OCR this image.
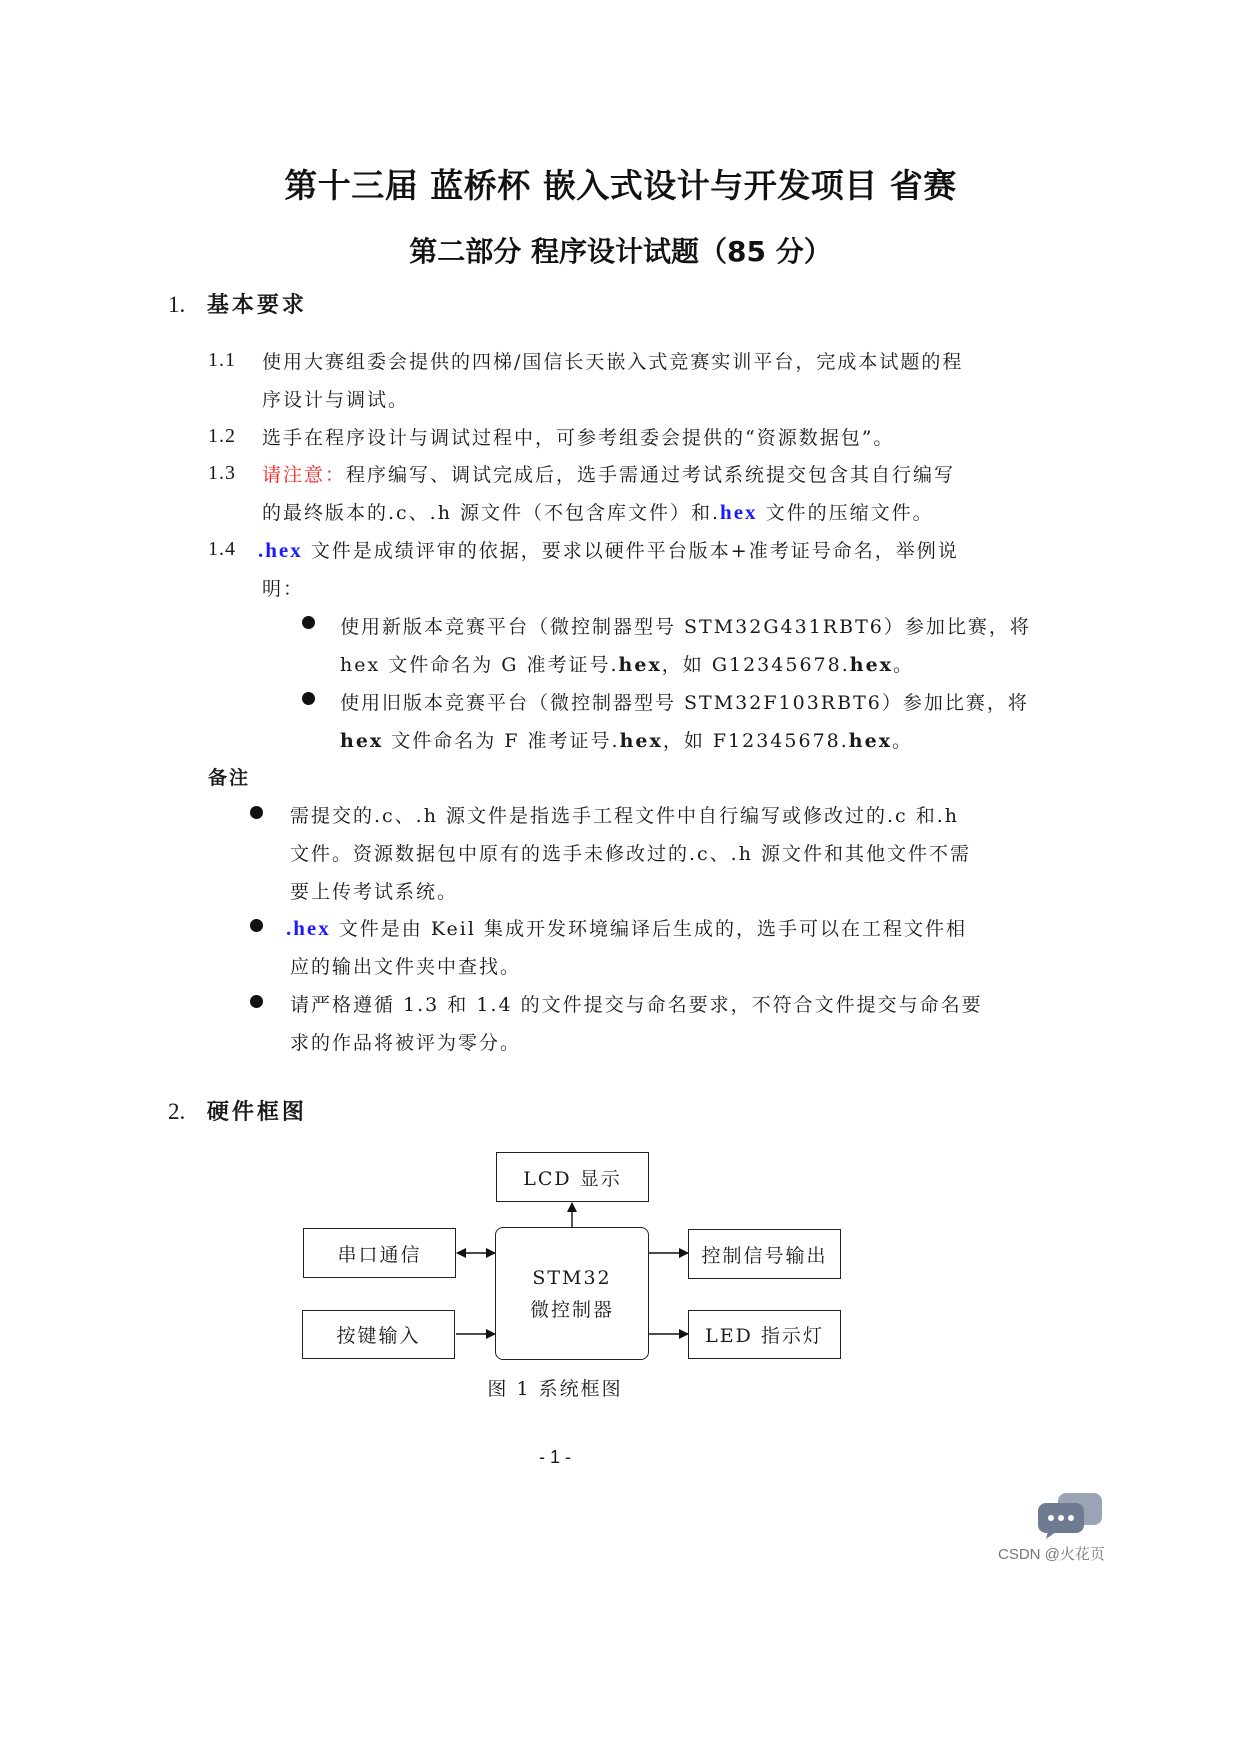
第十三届 蓝桥杯 嵌入式设计与开发项目 省赛
第二部分 程序设计试题（85 分）
1. 基本要求
1.1 使用大赛组委会提供的四梯/国信长天嵌入式竞赛实训平台，完成本试题的程
序设计与调试。
1.2 选手在程序设计与调试过程中，可参考组委会提供的“资源数据包”。
1.3 请注意：程序编写、调试完成后，选手需通过考试系统提交包含其自行编写
的最终版本的.c、.h 源文件（不包含库文件）和.hex 文件的压缩文件。
1.4 .hex 文件是成绩评审的依据，要求以硬件平台版本+准考证号命名，举例说
明：
使用新版本竞赛平台（微控制器型号 STM32G431RBT6）参加比赛，将
hex 文件命名为 G 准考证号.hex，如 G12345678.hex。
使用旧版本竞赛平台（微控制器型号 STM32F103RBT6）参加比赛，将
hex 文件命名为 F 准考证号.hex，如 F12345678.hex。
备注
需提交的.c、.h 源文件是指选手工程文件中自行编写或修改过的.c 和.h
文件。资源数据包中原有的选手未修改过的.c、.h 源文件和其他文件不需
要上传考试系统。
.hex 文件是由 Keil 集成开发环境编译后生成的，选手可以在工程文件相
应的输出文件夹中查找。
请严格遵循 1.3 和 1.4 的文件提交与命名要求，不符合文件提交与命名要
求的作品将被评为零分。
2. 硬件框图
LCD 显示
串口通信
按键输入
STM32
微控制器
控制信号输出
LED 指示灯
图 1 系统框图
- 1 -
CSDN @火花页
